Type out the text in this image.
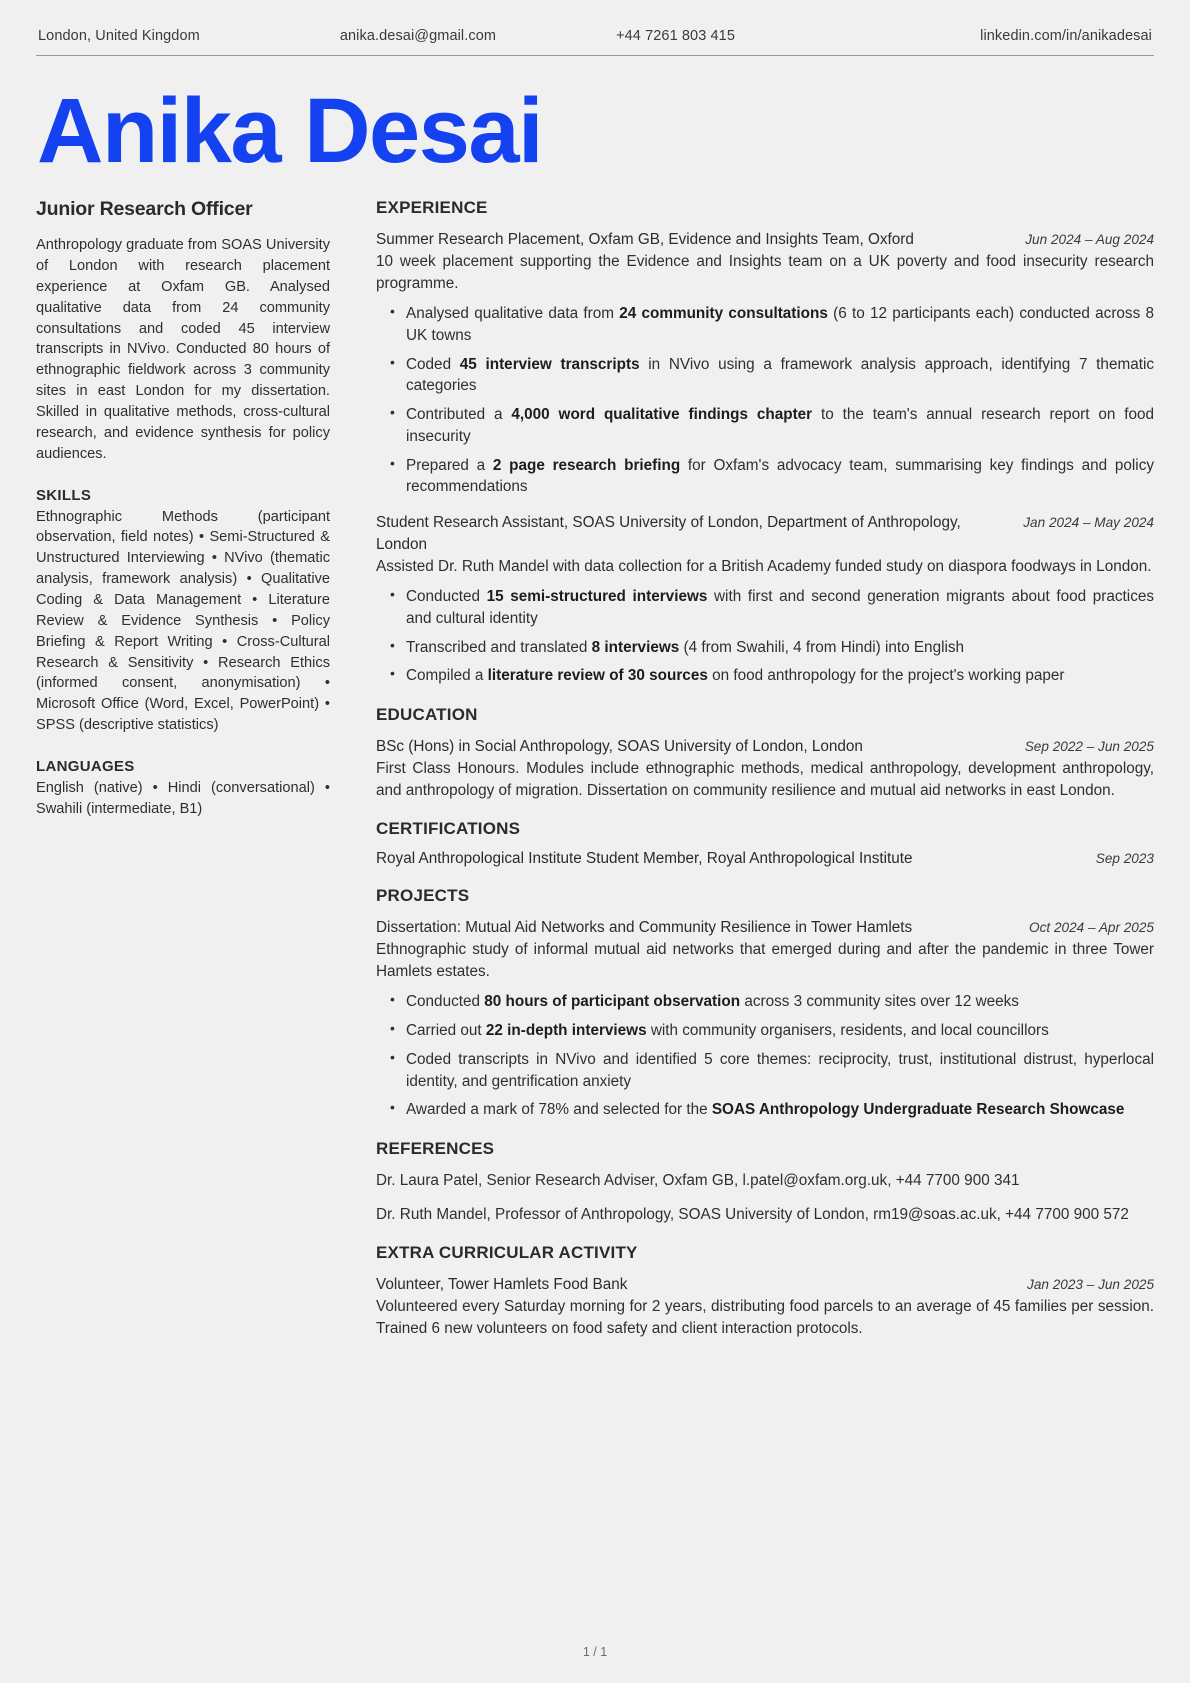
London, United Kingdom	anika.desai@gmail.com	+44 7261 803 415	linkedin.com/in/anikadesai
Anika Desai
Junior Research Officer

Anthropology graduate from SOAS University of London with research placement experience at Oxfam GB. Analysed qualitative data from 24 community consultations and coded 45 interview transcripts in NVivo. Conducted 80 hours of ethnographic fieldwork across 3 community sites in east London for my dissertation. Skilled in qualitative methods, cross-cultural research, and evidence synthesis for policy audiences.

SKILLS

Ethnographic Methods (participant observation, field notes) • Semi-Structured & Unstructured Interviewing • NVivo (thematic analysis, framework analysis) • Qualitative Coding & Data Management • Literature Review & Evidence Synthesis • Policy Briefing & Report Writing • Cross-Cultural Research & Sensitivity • Research Ethics (informed consent, anonymisation) • Microsoft Office (Word, Excel, PowerPoint) • SPSS (descriptive statistics)

LANGUAGES

English (native) • Hindi (conversational) • Swahili (intermediate, B1)

EXPERIENCE
Summer Research Placement, Oxfam GB, Evidence and Insights Team, Oxford	Jun 2024 – Aug 2024

10 week placement supporting the Evidence and Insights team on a UK poverty and food insecurity research programme.

• Analysed qualitative data from 24 community consultations (6 to 12 participants each) conducted across 8 UK towns
• Coded 45 interview transcripts in NVivo using a framework analysis approach, identifying 7 thematic categories
• Contributed a 4,000 word qualitative findings chapter to the team's annual research report on food insecurity
• Prepared a 2 page research briefing for Oxfam's advocacy team, summarising key findings and policy recommendations
Student Research Assistant, SOAS University of London, Department of Anthropology, London
Jan 2024 – May 2024

Assisted Dr. Ruth Mandel with data collection for a British Academy funded study on diaspora foodways in London.

• Conducted 15 semi-structured interviews with first and second generation migrants about food practices and cultural identity
• Transcribed and translated 8 interviews (4 from Swahili, 4 from Hindi) into English
• Compiled a literature review of 30 sources on food anthropology for the project's working paper
EDUCATION
BSc (Hons) in Social Anthropology, SOAS University of London, London	Sep 2022 – Jun 2025

First Class Honours. Modules include ethnographic methods, medical anthropology, development anthropology, and anthropology of migration. Dissertation on community resilience and mutual aid networks in east London.

CERTIFICATIONS
Royal Anthropological Institute Student Member, Royal Anthropological Institute	Sep 2023
PROJECTS
Dissertation: Mutual Aid Networks and Community Resilience in Tower Hamlets	Oct 2024 – Apr 2025

Ethnographic study of informal mutual aid networks that emerged during and after the pandemic in three Tower Hamlets estates.

• Conducted 80 hours of participant observation across 3 community sites over 12 weeks
• Carried out 22 in-depth interviews with community organisers, residents, and local councillors
• Coded transcripts in NVivo and identified 5 core themes: reciprocity, trust, institutional distrust, hyperlocal identity, and gentrification anxiety
• Awarded a mark of 78% and selected for the SOAS Anthropology Undergraduate Research Showcase
REFERENCES

Dr. Laura Patel, Senior Research Adviser, Oxfam GB, l.patel@oxfam.org.uk, +44 7700 900 341

Dr. Ruth Mandel, Professor of Anthropology, SOAS University of London, rm19@soas.ac.uk, +44 7700 900 572

EXTRA CURRICULAR ACTIVITY
Volunteer, Tower Hamlets Food Bank	Jan 2023 – Jun 2025

Volunteered every Saturday morning for 2 years, distributing food parcels to an average of 45 families per session. Trained 6 new volunteers on food safety and client interaction protocols.

1 / 1
